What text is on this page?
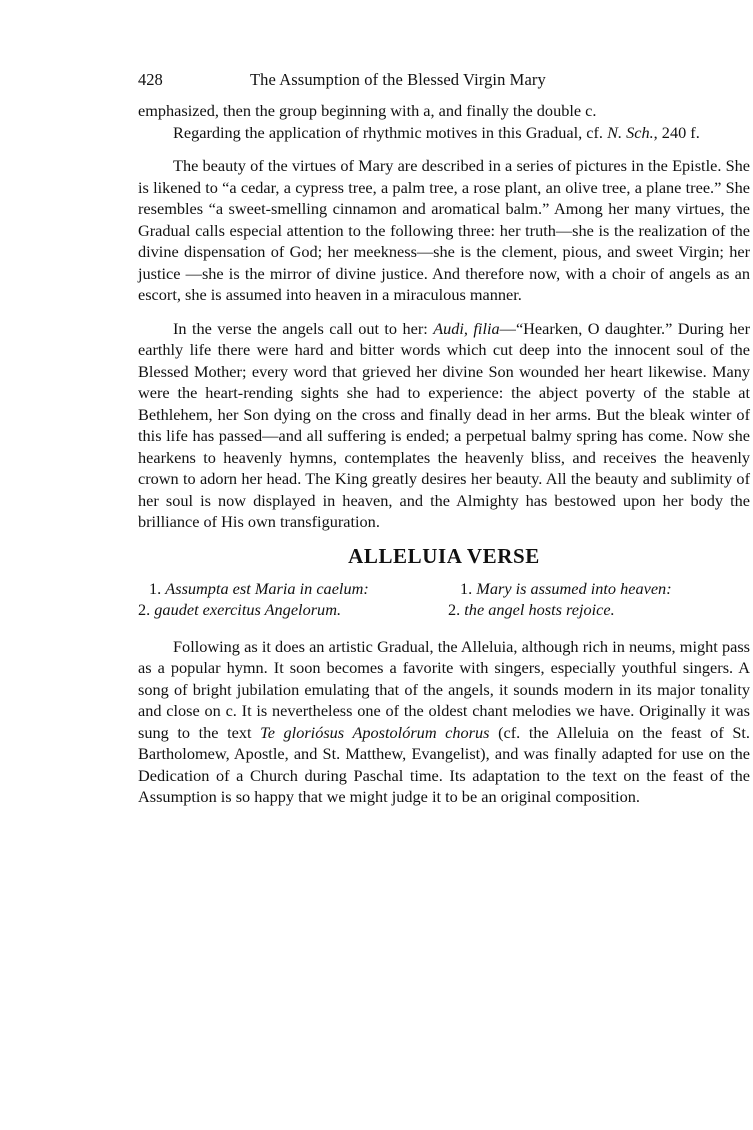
428	The Assumption of the Blessed Virgin Mary

emphasized, then the group beginning with a, and finally the double c.

Regarding the application of rhythmic motives in this Gradual, cf. N. Sch., 240 f.

The beauty of the virtues of Mary are described in a series of pictures in the Epistle. She is likened to “a cedar, a cypress tree, a palm tree, a rose plant, an olive tree, a plane tree.” She resembles “a sweet-smelling cinnamon and aromatical balm.” Among her many virtues, the Gradual calls especial attention to the following three: her truth—she is the realization of the divine dispensation of God; her meekness—she is the clement, pious, and sweet Virgin; her justice —she is the mirror of divine justice. And therefore now, with a choir of angels as an escort, she is assumed into heaven in a miraculous manner.

In the verse the angels call out to her: Audi, filia—“Hearken, O daughter.” During her earthly life there were hard and bitter words which cut deep into the innocent soul of the Blessed Mother; every word that grieved her divine Son wounded her heart likewise. Many were the heart-rending sights she had to experience: the abject poverty of the stable at Bethlehem, her Son dying on the cross and finally dead in her arms. But the bleak winter of this life has passed—and all suffering is ended; a perpetual balmy spring has come. Now she hearkens to heavenly hymns, contemplates the heavenly bliss, and receives the heavenly crown to adorn her head. The King greatly desires her beauty. All the beauty and sublimity of her soul is now displayed in heaven, and the Almighty has bestowed upon her body the brilliance of His own transfiguration.

ALLELUIA VERSE
1. Assumpta est Maria in caelum:
2. gaudet exercitus Angelorum.
1. Mary is assumed into heaven:
2. the angel hosts rejoice.

Following as it does an artistic Gradual, the Alleluia, although rich in neums, might pass as a popular hymn. It soon becomes a favorite with singers, especially youthful singers. A song of bright jubilation emulating that of the angels, it sounds modern in its major tonality and close on c. It is nevertheless one of the oldest chant melodies we have. Originally it was sung to the text Te gloriósus Apostolórum chorus (cf. the Alleluia on the feast of St. Bartholomew, Apostle, and St. Matthew, Evangelist), and was finally adapted for use on the Dedication of a Church during Paschal time. Its adaptation to the text on the feast of the Assumption is so happy that we might judge it to be an original composition.
